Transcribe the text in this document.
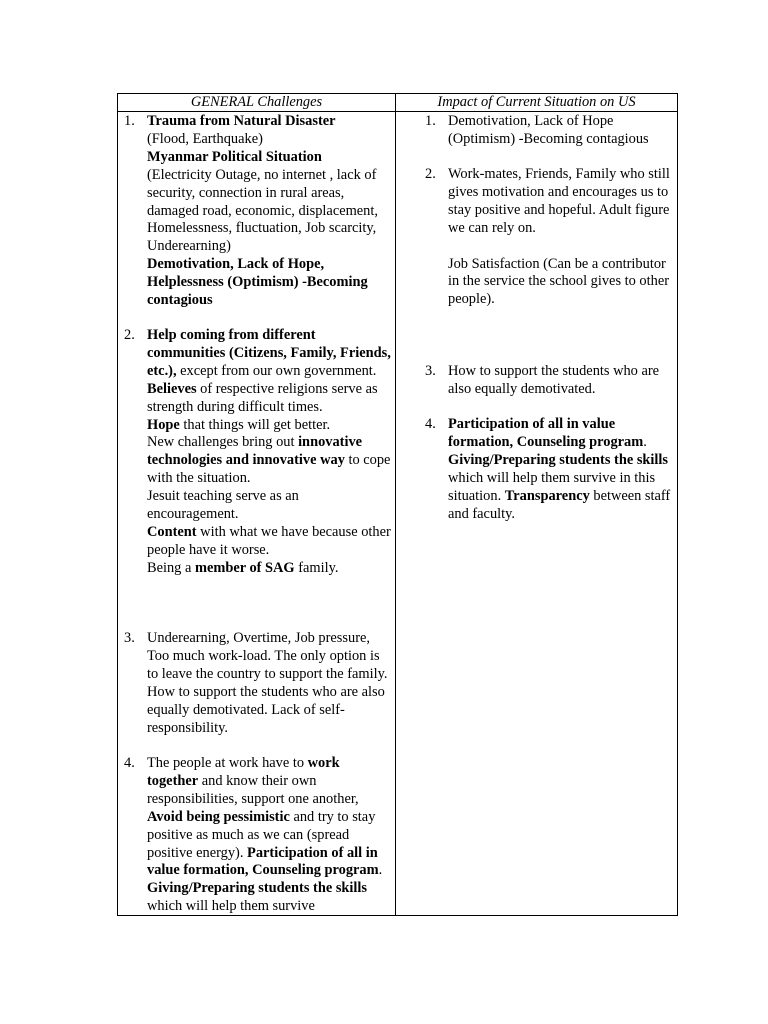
GENERAL Challenges	Impact of Current Situation on US
1. Trauma from Natural Disaster
(Flood, Earthquake)
Myanmar Political Situation
(Electricity Outage, no internet , lack of security, connection in rural areas, damaged road, economic, displacement, Homelessness, fluctuation, Job scarcity, Underearning)
Demotivation, Lack of Hope, Helplessness (Optimism) -Becoming contagious
2. Help coming from different communities (Citizens, Family, Friends, etc.), except from our own government.
Believes of respective religions serve as strength during difficult times.
Hope that things will get better.
New challenges bring out innovative technologies and innovative way to cope with the situation.
Jesuit teaching serve as an encouragement.
Content with what we have because other people have it worse.
Being a member of SAG family.
3. Underearning, Overtime, Job pressure, Too much work-load. The only option is to leave the country to support the family. How to support the students who are also equally demotivated. Lack of self-responsibility.
4. The people at work have to work together and know their own responsibilities, support one another, Avoid being pessimistic and try to stay positive as much as we can (spread positive energy). Participation of all in value formation, Counseling program. Giving/Preparing students the skills which will help them survive
1. Demotivation, Lack of Hope (Optimism) -Becoming contagious
2. Work-mates, Friends, Family who still gives motivation and encourages us to stay positive and hopeful. Adult figure we can rely on.

Job Satisfaction (Can be a contributor in the service the school gives to other people).
3. How to support the students who are also equally demotivated.
4. Participation of all in value formation, Counseling program. Giving/Preparing students the skills which will help them survive in this situation. Transparency between staff and faculty.
